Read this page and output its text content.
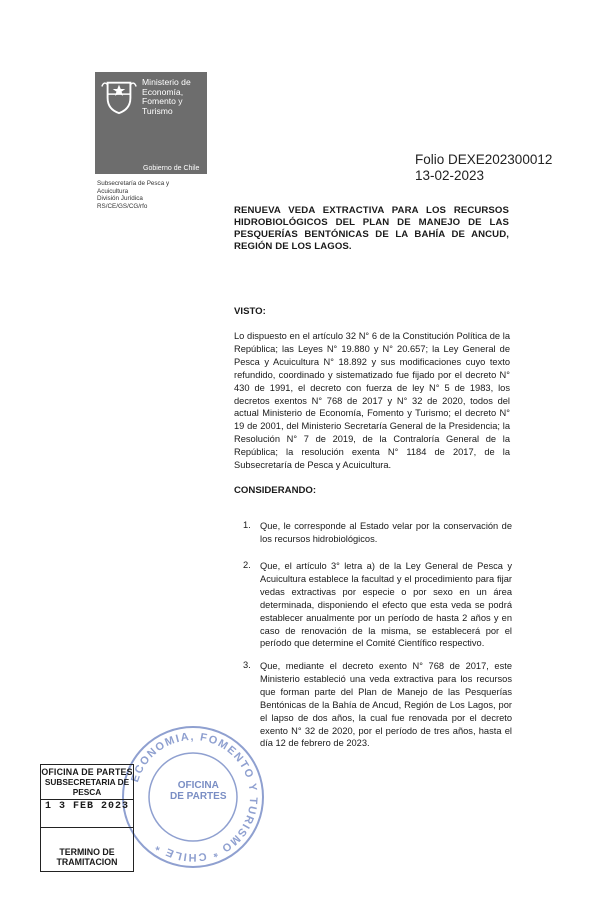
Ministerio de Economía, Fomento y Turismo
Gobierno de Chile
Subsecretaría de Pesca y
Acuicultura
División Jurídica
RS/CE/GS/CG/rfo
Folio DEXE202300012
13-02-2023
RENUEVA VEDA EXTRACTIVA PARA LOS RECURSOS HIDROBIOLÓGICOS DEL PLAN DE MANEJO DE LAS PESQUERÍAS BENTÓNICAS DE LA BAHÍA DE ANCUD, REGIÓN DE LOS LAGOS.
VISTO:
Lo dispuesto en el artículo 32 N° 6 de la Constitución Política de la República; las Leyes N° 19.880 y N° 20.657; la Ley General de Pesca y Acuicultura N° 18.892 y sus modificaciones cuyo texto refundido, coordinado y sistematizado fue fijado por el decreto N° 430 de 1991, el decreto con fuerza de ley N° 5 de 1983, los decretos exentos N° 768 de 2017 y N° 32 de 2020, todos del actual Ministerio de Economía, Fomento y Turismo; el decreto N° 19 de 2001, del Ministerio Secretaría General de la Presidencia; la Resolución N° 7 de 2019, de la Contraloría General de la República; la resolución exenta N° 1184 de 2017, de la Subsecretaría de Pesca y Acuicultura.
CONSIDERANDO:
1. Que, le corresponde al Estado velar por la conservación de los recursos hidrobiológicos.
2. Que, el artículo 3° letra a) de la Ley General de Pesca y Acuicultura establece la facultad y el procedimiento para fijar vedas extractivas por especie o por sexo en un área determinada, disponiendo el efecto que esta veda se podrá establecer anualmente por un período de hasta 2 años y en caso de renovación de la misma, se establecerá por el período que determine el Comité Científico respectivo.
3. Que, mediante el decreto exento N° 768 de 2017, este Ministerio estableció una veda extractiva para los recursos que forman parte del Plan de Manejo de las Pesquerías Bentónicas de la Bahía de Ancud, Región de Los Lagos, por el lapso de dos años, la cual fue renovada por el decreto exento N° 32 de 2020, por el período de tres años, hasta el día 12 de febrero de 2023.
ECONOMIA, FOMENTO Y TURISMO * CHILE *
OFICINA
DE PARTES
OFICINA DE PARTES
SUBSECRETARIA DE PESCA
1 3 FEB 2023
TERMINO DE TRAMITACION
